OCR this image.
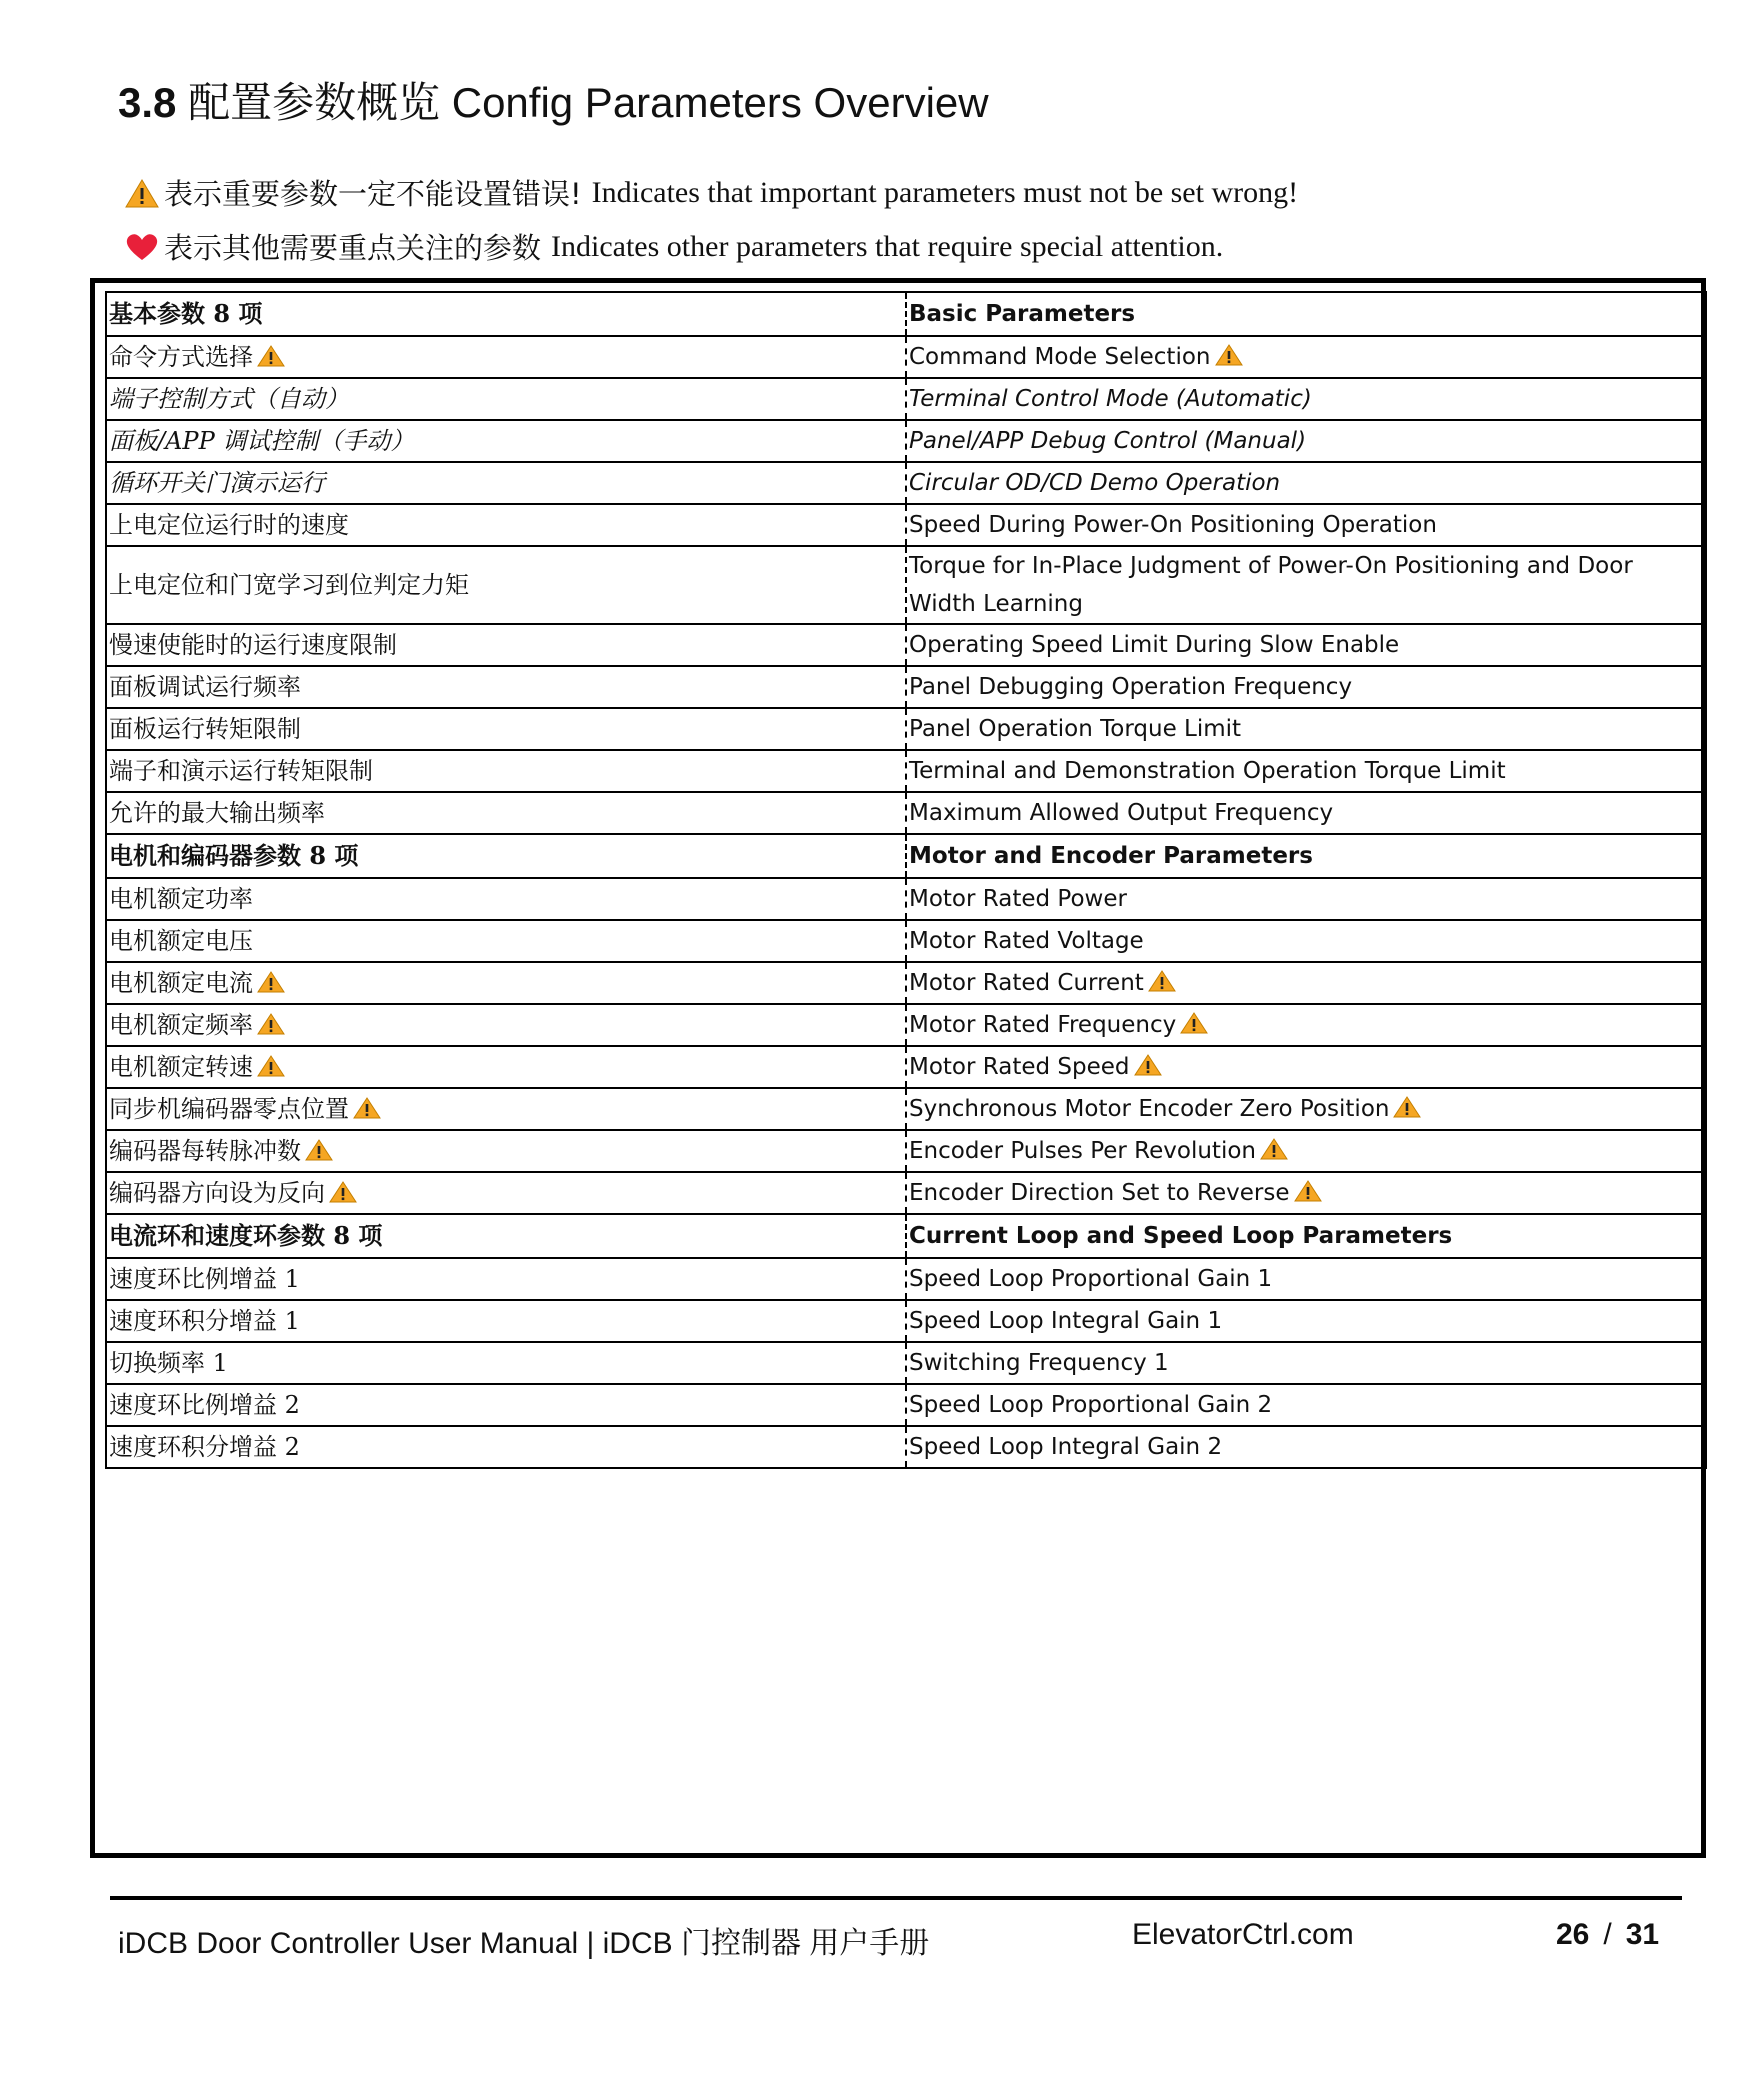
3.8 配置参数概览 Config Parameters Overview
表示重要参数一定不能设置错误! Indicates that important parameters must not be set wrong!
表示其他需要重点关注的参数 Indicates other parameters that require special attention.
基本参数 8 项	Basic Parameters
命令方式选择	Command Mode Selection
端子控制方式（自动）	Terminal Control Mode (Automatic)
面板/APP 调试控制（手动）	Panel/APP Debug Control (Manual)
循环开关门演示运行	Circular OD/CD Demo Operation
上电定位运行时的速度	Speed During Power-On Positioning Operation
上电定位和门宽学习到位判定力矩	Torque for In-Place Judgment of Power-On Positioning and Door Width Learning
慢速使能时的运行速度限制	Operating Speed Limit During Slow Enable
面板调试运行频率	Panel Debugging Operation Frequency
面板运行转矩限制	Panel Operation Torque Limit
端子和演示运行转矩限制	Terminal and Demonstration Operation Torque Limit
允许的最大输出频率	Maximum Allowed Output Frequency
电机和编码器参数 8 项	Motor and Encoder Parameters
电机额定功率	Motor Rated Power
电机额定电压	Motor Rated Voltage
电机额定电流	Motor Rated Current
电机额定频率	Motor Rated Frequency
电机额定转速	Motor Rated Speed
同步机编码器零点位置	Synchronous Motor Encoder Zero Position
编码器每转脉冲数	Encoder Pulses Per Revolution
编码器方向设为反向	Encoder Direction Set to Reverse
电流环和速度环参数 8 项	Current Loop and Speed Loop Parameters
速度环比例增益 1	Speed Loop Proportional Gain 1
速度环积分增益 1	Speed Loop Integral Gain 1
切换频率 1	Switching Frequency 1
速度环比例增益 2	Speed Loop Proportional Gain 2
速度环积分增益 2	Speed Loop Integral Gain 2
iDCB Door Controller User Manual | iDCB 门控制器 用户手册	ElevatorCtrl.com	26 / 31
